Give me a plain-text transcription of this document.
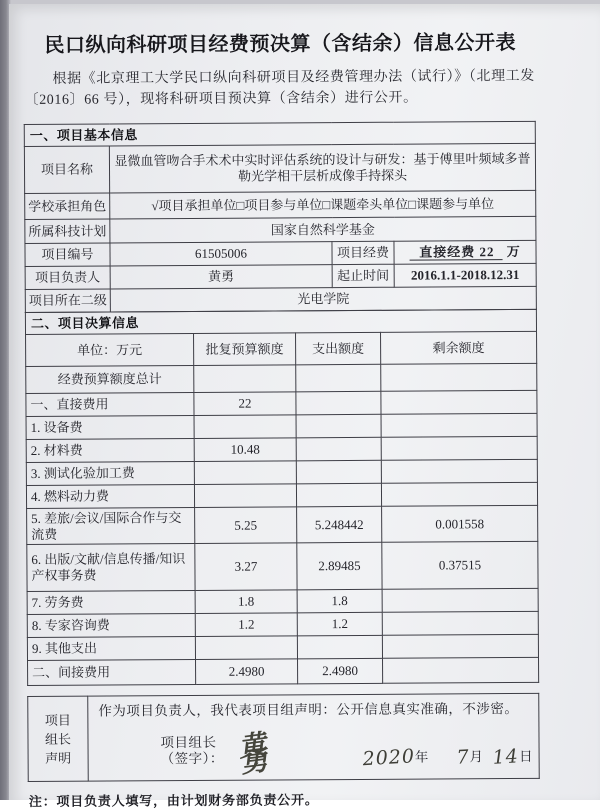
民口纵向科研项目经费预决算（含结余）信息公开表

根据《北京理工大学民口纵向科研项目及经费管理办法（试行）》（北理工发〔2016〕66 号），现将科研项目预决算（含结余）进行公开。

一、项目基本信息			
项目名称	显微血管吻合手术术中实时评估系统的设计与研发：基于傅里叶频域多普勒光学相干层析成像手持探头		
学校承担角色	√项目承担单位□项目参与单位□课题牵头单位□课题参与单位		
所属科技计划	国家自然科学基金		
项目编号	61505006	项目经费	直接经费 22 万
项目负责人	黄勇	起止时间	2016.1.1-2018.12.31
项目所在二级	光电学院		
二、项目决算信息			
单位：万元	批复预算额度	支出额度	剩余额度
经费预算额度总计			
一、直接费用	22		
1. 设备费			
2. 材料费	10.48		
3. 测试化验加工费			
4. 燃料动力费			
5. 差旅/会议/国际合作与交流费	5.25	5.248442	0.001558
6. 出版/文献/信息传播/知识产权事务费	3.27	2.89485	0.37515
7. 劳务费	1.8	1.8	
8. 专家咨询费	1.2	1.2	
9. 其他支出			
二、间接费用	2.4980	2.4980	
项目
组长
声明

作为项目负责人，我代表项目组声明：公开信息真实准确，不涉密。
项目组长（签字）： 黄勇	2020 年 7 月 14 日

注：项目负责人填写，由计划财务部负责公开。
